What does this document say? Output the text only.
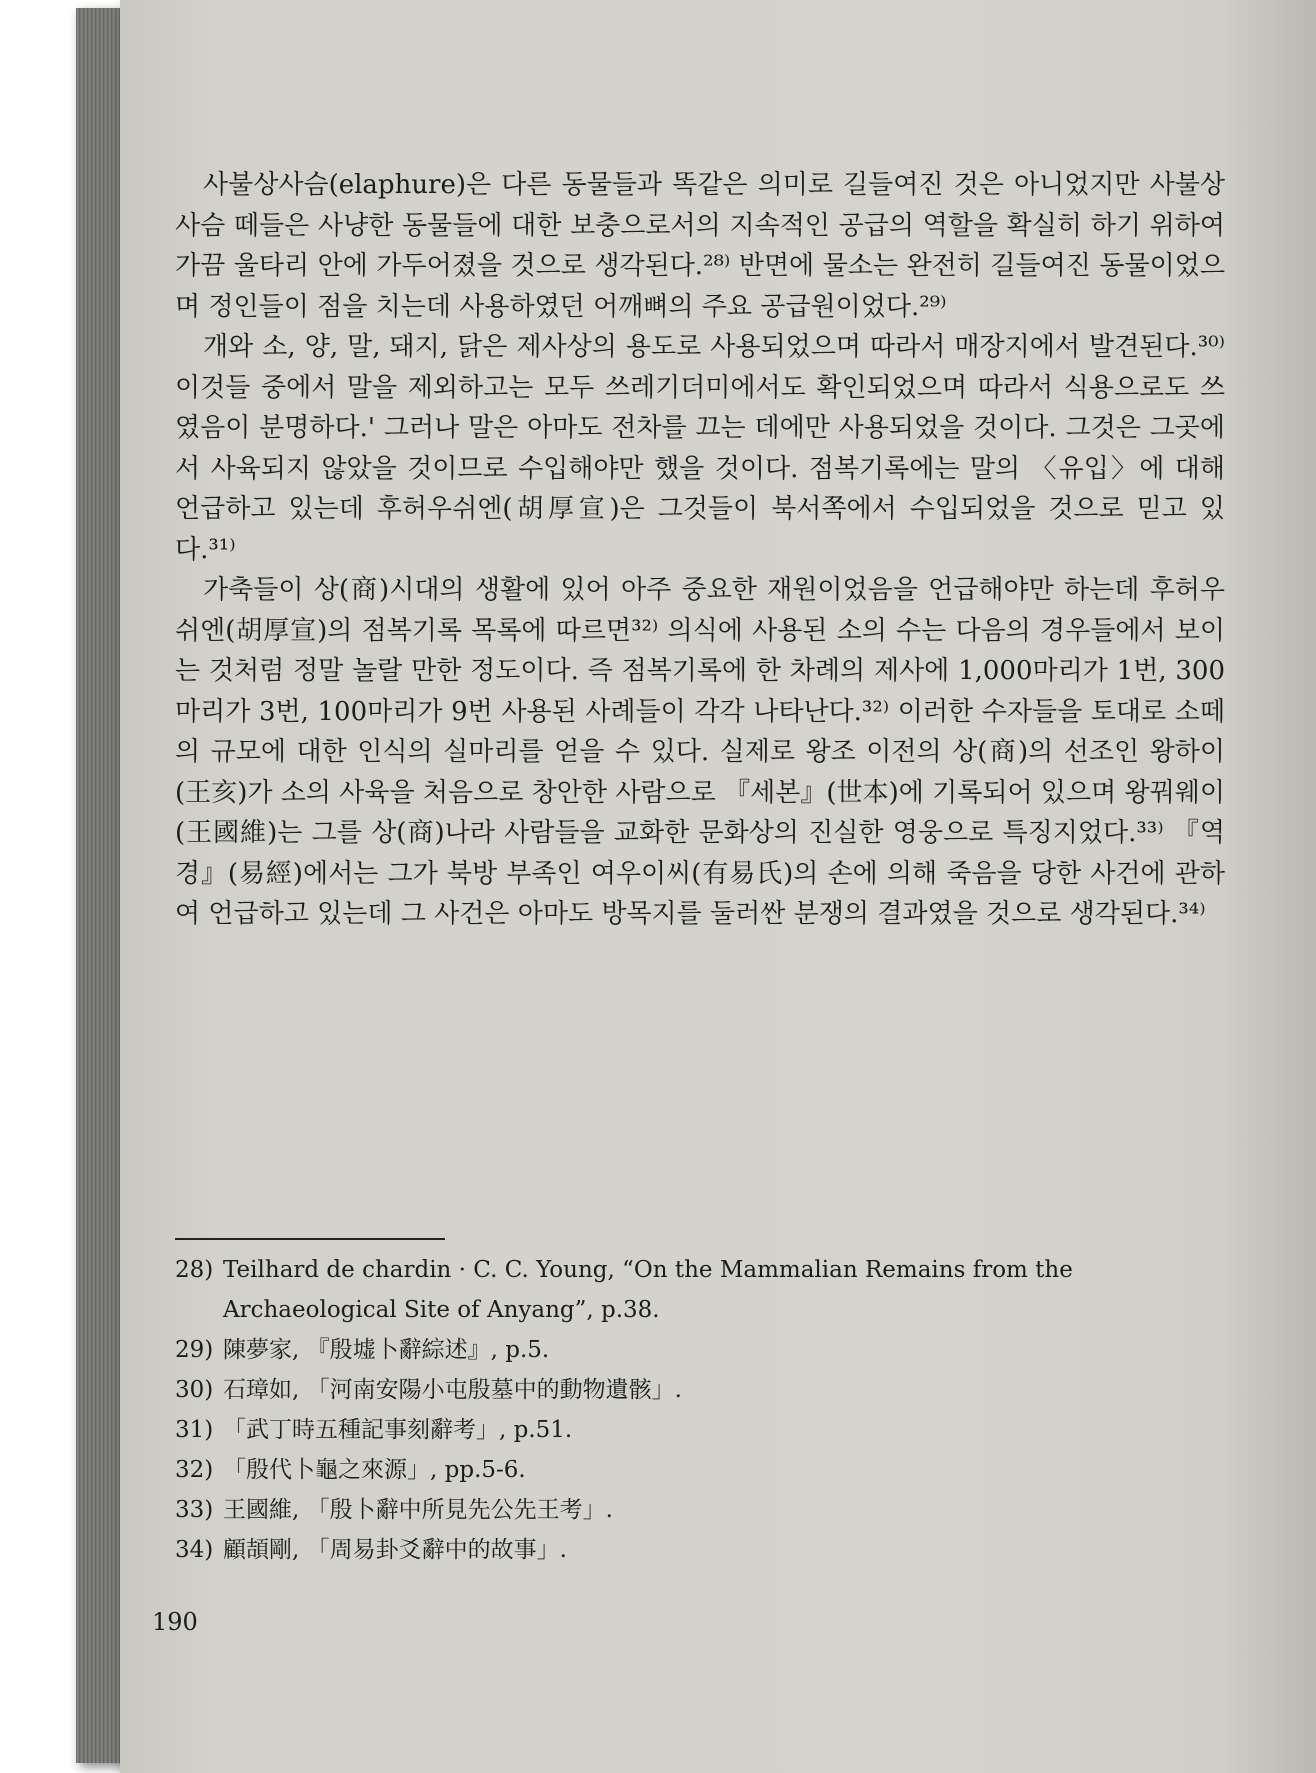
사불상사슴(elaphure)은 다른 동물들과 똑같은 의미로 길들여진 것은 아니었지만 사불상사슴 떼들은 사냥한 동물들에 대한 보충으로서의 지속적인 공급의 역할을 확실히 하기 위하여 가끔 울타리 안에 가두어졌을 것으로 생각된다.²⁸⁾ 반면에 물소는 완전히 길들여진 동물이었으며 정인들이 점을 치는데 사용하였던 어깨뼈의 주요 공급원이었다.²⁹⁾

개와 소, 양, 말, 돼지, 닭은 제사상의 용도로 사용되었으며 따라서 매장지에서 발견된다.³⁰⁾ 이것들 중에서 말을 제외하고는 모두 쓰레기더미에서도 확인되었으며 따라서 식용으로도 쓰였음이 분명하다.' 그러나 말은 아마도 전차를 끄는 데에만 사용되었을 것이다. 그것은 그곳에서 사육되지 않았을 것이므로 수입해야만 했을 것이다. 점복기록에는 말의 〈유입〉에 대해 언급하고 있는데 후허우쉬엔(胡厚宣)은 그것들이 북서쪽에서 수입되었을 것으로 믿고 있다.³¹⁾

가축들이 상(商)시대의 생활에 있어 아주 중요한 재원이었음을 언급해야만 하는데 후허우쉬엔(胡厚宣)의 점복기록 목록에 따르면³²⁾ 의식에 사용된 소의 수는 다음의 경우들에서 보이는 것처럼 정말 놀랄 만한 정도이다. 즉 점복기록에 한 차례의 제사에 1,000마리가 1번, 300마리가 3번, 100마리가 9번 사용된 사례들이 각각 나타난다.³²⁾ 이러한 수자들을 토대로 소떼의 규모에 대한 인식의 실마리를 얻을 수 있다. 실제로 왕조 이전의 상(商)의 선조인 왕하이(王亥)가 소의 사육을 처음으로 창안한 사람으로 『세본』(世本)에 기록되어 있으며 왕꿔웨이(王國維)는 그를 상(商)나라 사람들을 교화한 문화상의 진실한 영웅으로 특징지었다.³³⁾ 『역경』(易經)에서는 그가 북방 부족인 여우이씨(有易氏)의 손에 의해 죽음을 당한 사건에 관하여 언급하고 있는데 그 사건은 아마도 방목지를 둘러싼 분쟁의 결과였을 것으로 생각된다.³⁴⁾

28) Teilhard de chardin · C. C. Young, “On the Mammalian Remains from the Archaeological Site of Anyang”, p.38.
29) 陳夢家, 『殷墟卜辭綜述』, p.5.
30) 石璋如, 「河南安陽小屯殷墓中的動物遺骸」.
31) 「武丁時五種記事刻辭考」, p.51.
32) 「殷代卜龜之來源」, pp.5-6.
33) 王國維, 「殷卜辭中所見先公先王考」.
34) 顧頡剛, 「周易卦爻辭中的故事」.
190
